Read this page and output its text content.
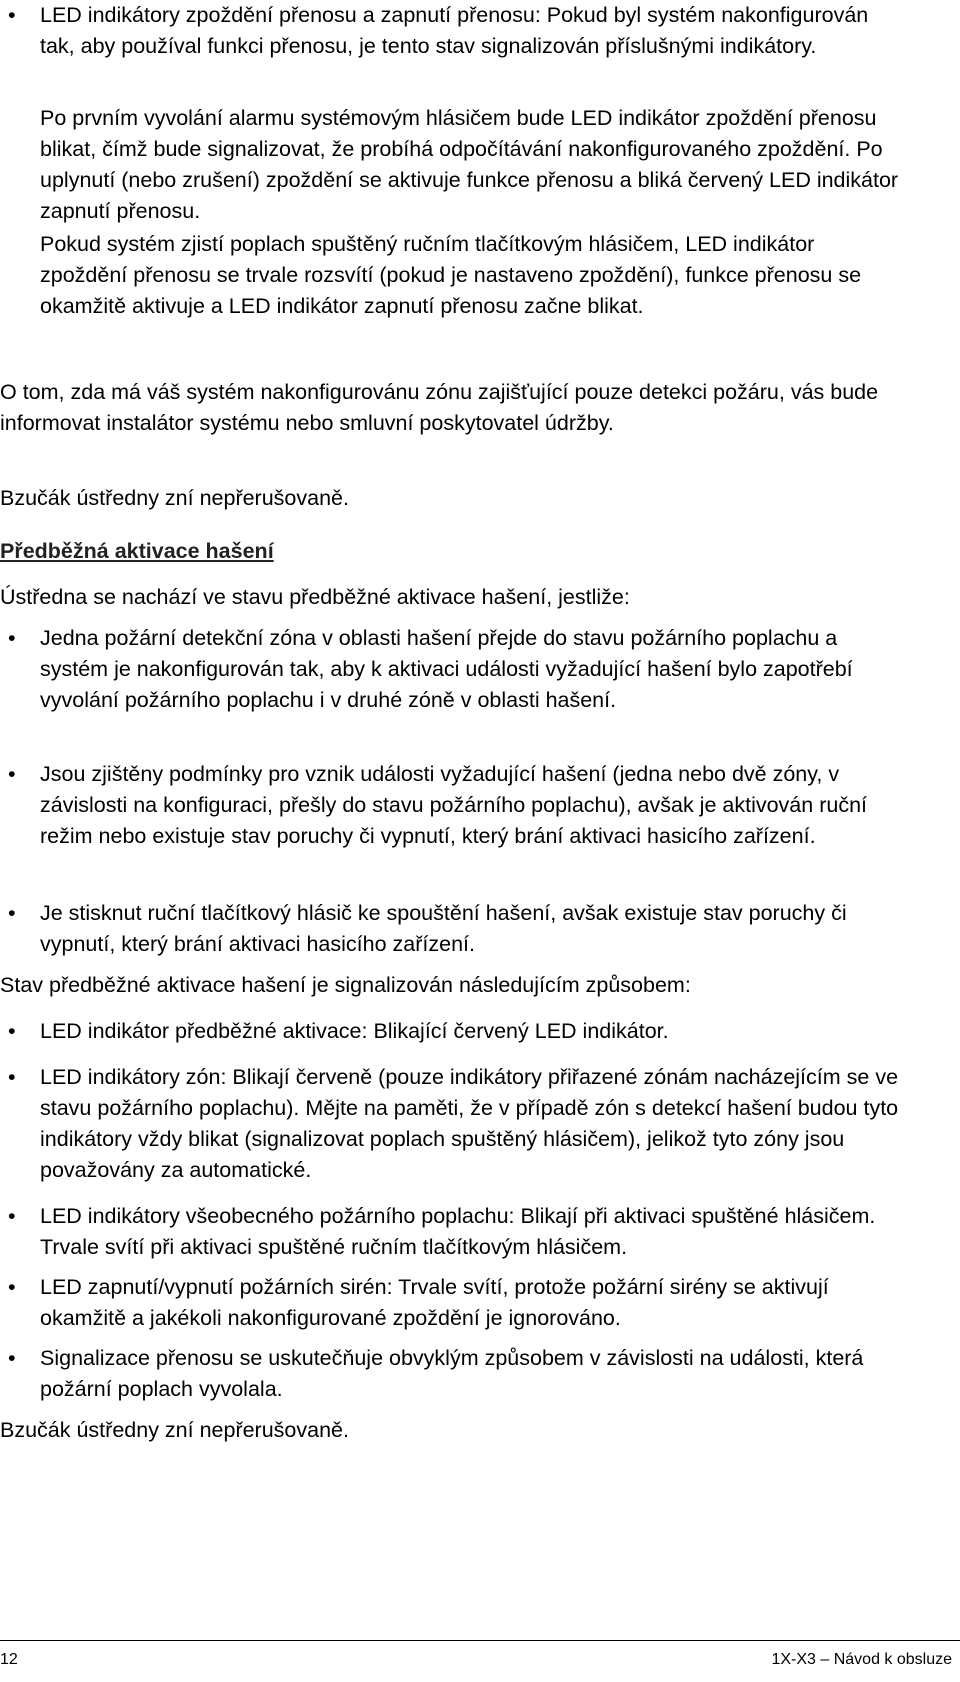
•	LED indikátory zpoždění přenosu a zapnutí přenosu: Pokud byl systém nakonfigurován tak, aby používal funkci přenosu, je tento stav signalizován příslušnými indikátory.

Po prvním vyvolání alarmu systémovým hlásičem bude LED indikátor zpoždění přenosu blikat, čímž bude signalizovat, že probíhá odpočítávání nakonfigurovaného zpoždění. Po uplynutí (nebo zrušení) zpoždění se aktivuje funkce přenosu a bliká červený LED indikátor zapnutí přenosu.

Pokud systém zjistí poplach spuštěný ručním tlačítkovým hlásičem, LED indikátor zpoždění přenosu se trvale rozsvítí (pokud je nastaveno zpoždění), funkce přenosu se okamžitě aktivuje a LED indikátor zapnutí přenosu začne blikat.

O tom, zda má váš systém nakonfigurovánu zónu zajišťující pouze detekci požáru, vás bude informovat instalátor systému nebo smluvní poskytovatel údržby.

Bzučák ústředny zní nepřerušovaně.

Předběžná aktivace hašení

Ústředna se nachází ve stavu předběžné aktivace hašení, jestliže:

•	Jedna požární detekční zóna v oblasti hašení přejde do stavu požárního poplachu a systém je nakonfigurován tak, aby k aktivaci události vyžadující hašení bylo zapotřebí vyvolání požárního poplachu i v druhé zóně v oblasti hašení.
•	Jsou zjištěny podmínky pro vznik události vyžadující hašení (jedna nebo dvě zóny, v závislosti na konfiguraci, přešly do stavu požárního poplachu), avšak je aktivován ruční režim nebo existuje stav poruchy či vypnutí, který brání aktivaci hasicího zařízení.
•	Je stisknut ruční tlačítkový hlásič ke spouštění hašení, avšak existuje stav poruchy či vypnutí, který brání aktivaci hasicího zařízení.

Stav předběžné aktivace hašení je signalizován následujícím způsobem:

•	LED indikátor předběžné aktivace: Blikající červený LED indikátor.
•	LED indikátory zón: Blikají červeně (pouze indikátory přiřazené zónám nacházejícím se ve stavu požárního poplachu). Mějte na paměti, že v případě zón s detekcí hašení budou tyto indikátory vždy blikat (signalizovat poplach spuštěný hlásičem), jelikož tyto zóny jsou považovány za automatické.
•	LED indikátory všeobecného požárního poplachu: Blikají při aktivaci spuštěné hlásičem. Trvale svítí při aktivaci spuštěné ručním tlačítkovým hlásičem.
•	LED zapnutí/vypnutí požárních sirén: Trvale svítí, protože požární sirény se aktivují okamžitě a jakékoli nakonfigurované zpoždění je ignorováno.
•	Signalizace přenosu se uskutečňuje obvyklým způsobem v závislosti na události, která požární poplach vyvolala.

Bzučák ústředny zní nepřerušovaně.

12	1X-X3 – Návod k obsluze
